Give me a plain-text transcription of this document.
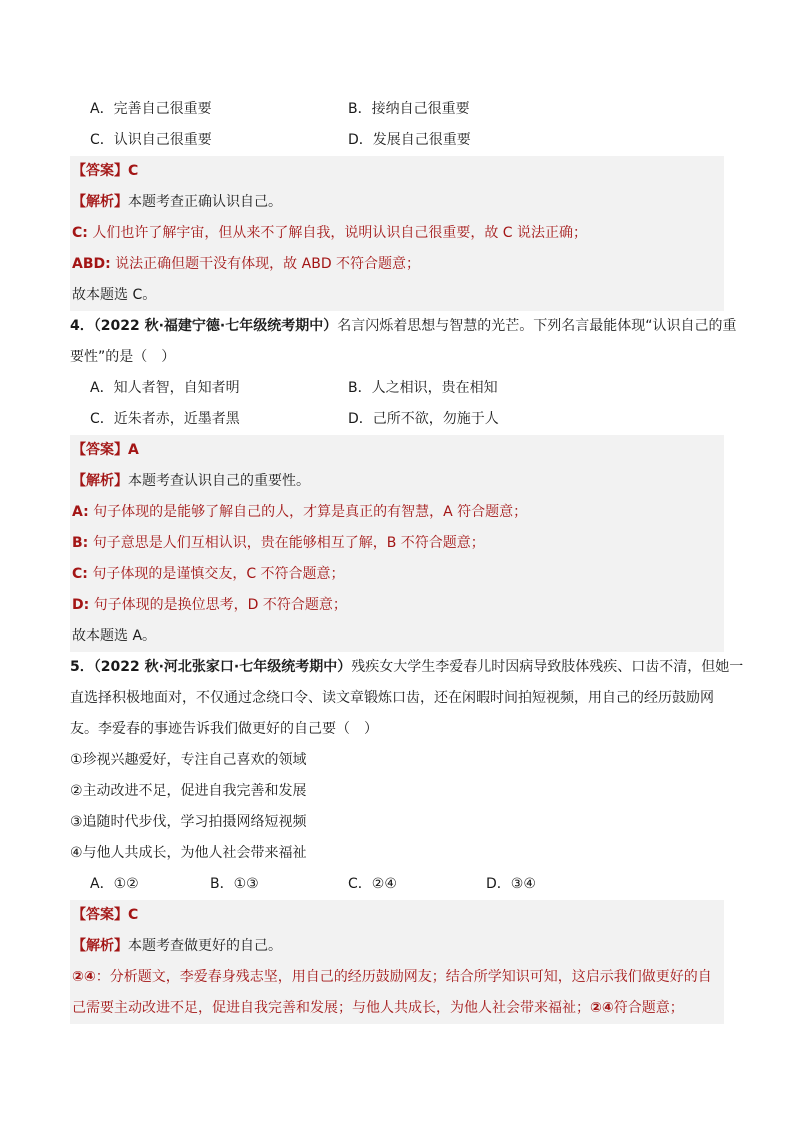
A．完善自己很重要	B．接纳自己很重要
C．认识自己很重要	D．发展自己很重要
【答案】C
【解析】本题考查正确认识自己。
C: 人们也许了解宇宙，但从来不了解自我，说明认识自己很重要，故 C 说法正确；
ABD: 说法正确但题干没有体现，故 ABD 不符合题意；
故本题选 C。
4．（2022 秋·福建宁德·七年级统考期中）名言闪烁着思想与智慧的光芒。下列名言最能体现“认识自己的重
要性”的是（　）
A．知人者智，自知者明	B．人之相识，贵在相知
C．近朱者赤，近墨者黑	D．己所不欲，勿施于人
【答案】A
【解析】本题考查认识自己的重要性。
A: 句子体现的是能够了解自己的人，才算是真正的有智慧，A 符合题意；
B: 句子意思是人们互相认识，贵在能够相互了解，B 不符合题意；
C: 句子体现的是谨慎交友，C 不符合题意；
D: 句子体现的是换位思考，D 不符合题意；
故本题选 A。
5．（2022 秋·河北张家口·七年级统考期中）残疾女大学生李爱春儿时因病导致肢体残疾、口齿不清，但她一
直选择积极地面对，不仅通过念绕口令、读文章锻炼口齿，还在闲暇时间拍短视频，用自己的经历鼓励网
友。李爱春的事迹告诉我们做更好的自己要（　）
①珍视兴趣爱好，专注自己喜欢的领域
②主动改进不足，促进自我完善和发展
③追随时代步伐，学习拍摄网络短视频
④与他人共成长，为他人社会带来福祉
A．①②	B．①③	C．②④	D．③④
【答案】C
【解析】本题考查做更好的自己。
②④：分析题文，李爱春身残志坚，用自己的经历鼓励网友；结合所学知识可知，这启示我们做更好的自
己需要主动改进不足，促进自我完善和发展；与他人共成长，为他人社会带来福祉；②④符合题意；
